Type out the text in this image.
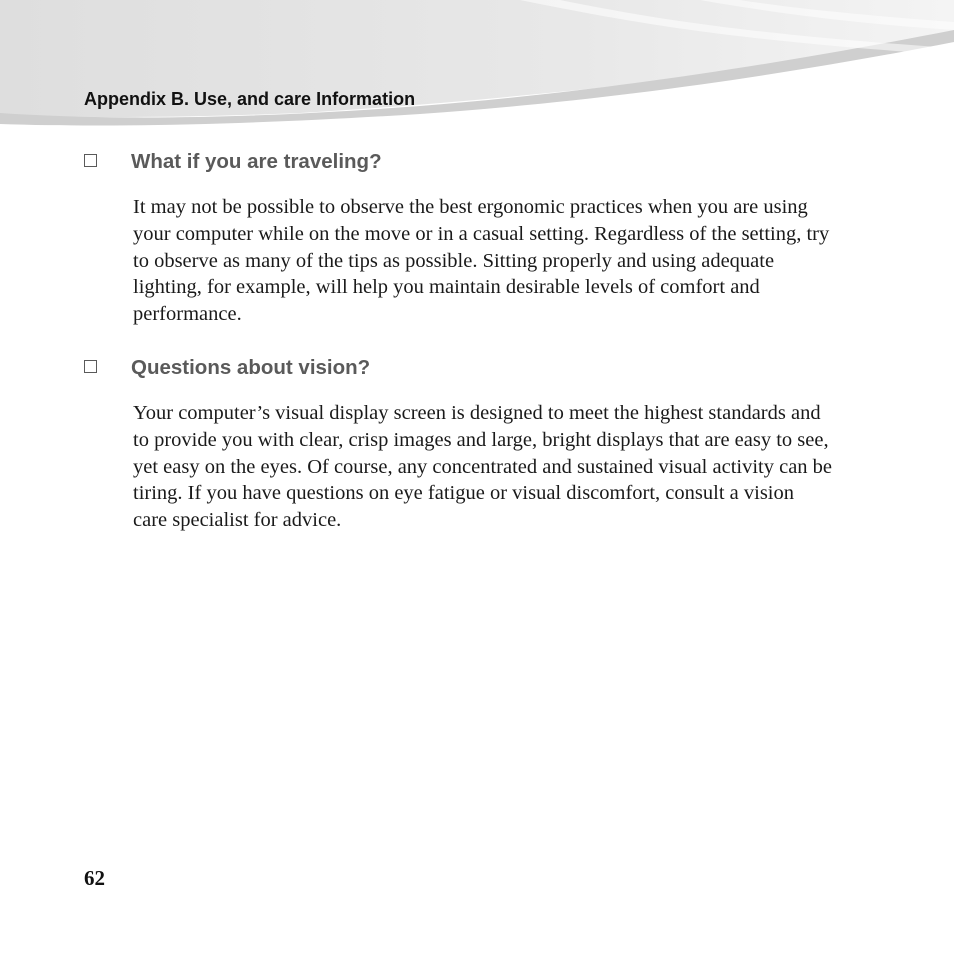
Appendix B. Use, and care Information
What if you are traveling?

It may not be possible to observe the best ergonomic practices when you are using your computer while on the move or in a casual setting. Regardless of the setting, try to observe as many of the tips as possible. Sitting properly and using adequate lighting, for example, will help you maintain desirable levels of comfort and performance.

Questions about vision?

Your computer’s visual display screen is designed to meet the highest standards and to provide you with clear, crisp images and large, bright displays that are easy to see, yet easy on the eyes. Of course, any concentrated and sustained visual activity can be tiring. If you have questions on eye fatigue or visual discomfort, consult a vision care specialist for advice.

62
